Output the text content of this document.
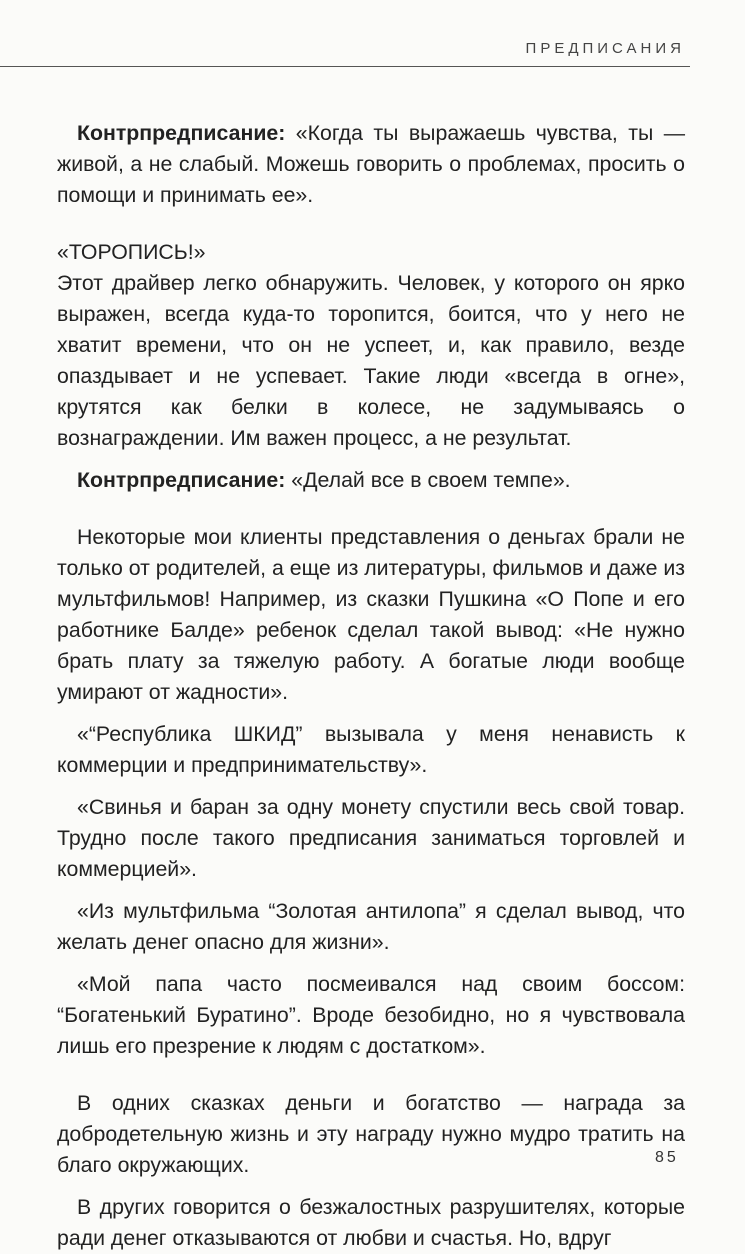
ПРЕДПИСАНИЯ

Контрпредписание: «Когда ты выражаешь чувства, ты — живой, а не слабый. Можешь говорить о проблемах, просить о помощи и принимать ее».

«ТОРОПИСЬ!»

Этот драйвер легко обнаружить. Человек, у которого он ярко выражен, всегда куда-то торопится, боится, что у него не хватит времени, что он не успеет, и, как правило, везде опаздывает и не успевает. Такие люди «всегда в огне», крутятся как белки в колесе, не задумываясь о вознаграждении. Им важен процесс, а не результат.

Контрпредписание: «Делай все в своем темпе».

Некоторые мои клиенты представления о деньгах брали не только от родителей, а еще из литературы, фильмов и даже из мультфильмов! Например, из сказки Пушкина «О Попе и его работнике Балде» ребенок сделал такой вывод: «Не нужно брать плату за тяжелую работу. А богатые люди вообще умирают от жадности».

«“Республика ШКИД” вызывала у меня ненависть к коммерции и предпринимательству».

«Свинья и баран за одну монету спустили весь свой товар. Трудно после такого предписания заниматься торговлей и коммерцией».

«Из мультфильма “Золотая антилопа” я сделал вывод, что желать денег опасно для жизни».

«Мой папа часто посмеивался над своим боссом: “Богатенький Буратино”. Вроде безобидно, но я чувствовала лишь его презрение к людям с достатком».

В одних сказках деньги и богатство — награда за добродетельную жизнь и эту награду нужно мудро тратить на благо окружающих.

В других говорится о безжалостных разрушителях, которые ради денег отказываются от любви и счастья. Но, вдруг

85
